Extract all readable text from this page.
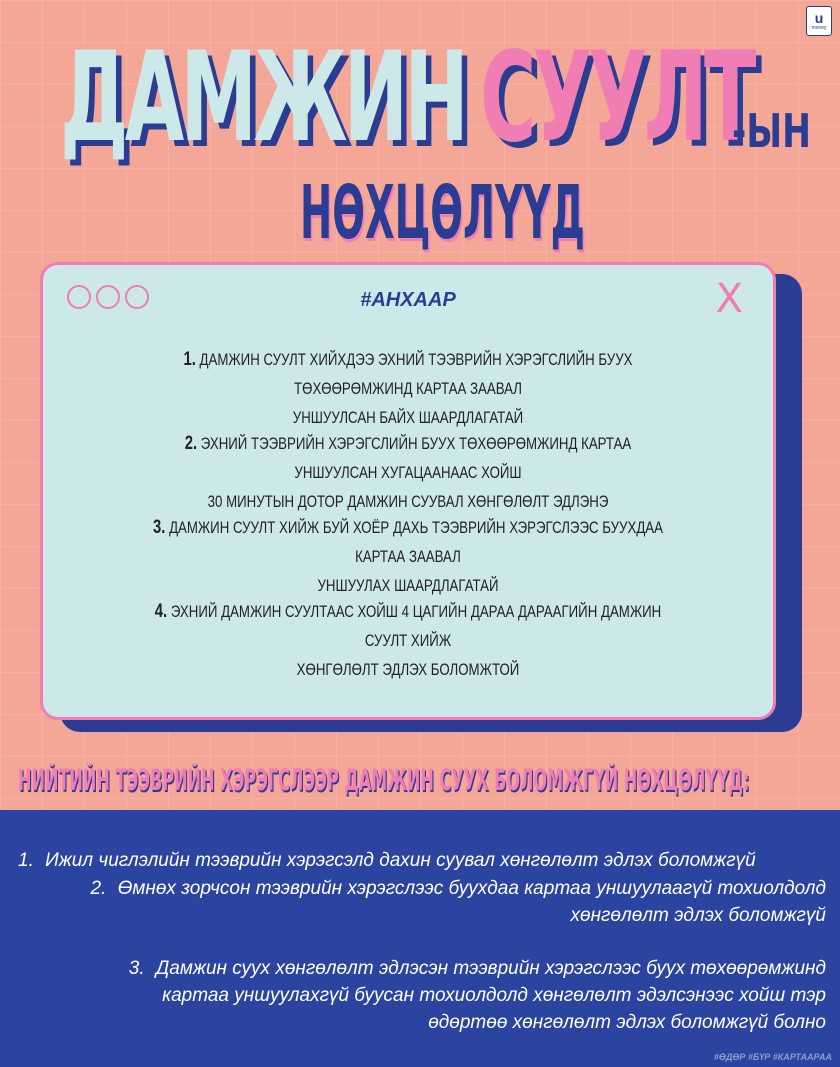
u
money
ДАМЖИН СУУЛТ
-ЫН
НӨХЦӨЛҮҮД
#АНХААР	X
1. ДАМЖИН СУУЛТ ХИЙХДЭЭ ЭХНИЙ ТЭЭВРИЙН ХЭРЭГСЛИЙН БУУХ ТӨХӨӨРӨМЖИНД КАРТАА ЗААВАЛ
УНШУУЛСАН БАЙХ ШААРДЛАГАТАЙ
2. ЭХНИЙ ТЭЭВРИЙН ХЭРЭГСЛИЙН БУУХ ТӨХӨӨРӨМЖИНД КАРТАА УНШУУЛСАН ХУГАЦААНААС ХОЙШ
30 МИНУТЫН ДОТОР ДАМЖИН СУУВАЛ ХӨНГӨЛӨЛТ ЭДЛЭНЭ
3. ДАМЖИН СУУЛТ ХИЙЖ БУЙ ХОЁР ДАХЬ ТЭЭВРИЙН ХЭРЭГСЛЭЭС БУУХДАА КАРТАА ЗААВАЛ
УНШУУЛАХ ШААРДЛАГАТАЙ
4. ЭХНИЙ ДАМЖИН СУУЛТААС ХОЙШ 4 ЦАГИЙН ДАРАА ДАРААГИЙН ДАМЖИН СУУЛТ ХИЙЖ
ХӨНГӨЛӨЛТ ЭДЛЭХ БОЛОМЖТОЙ
НИЙТИЙН ТЭЭВРИЙН ХЭРЭГСЛЭЭР ДАМЖИН СУУХ БОЛОМЖГҮЙ НӨХЦӨЛҮҮД:
1. Ижил чиглэлийн тээврийн хэрэгсэлд дахин суувал хөнгөлөлт эдлэх боломжгүй
2. Өмнөх зорчсон тээврийн хэрэгслээс буухдаа картаа уншуулаагүй тохиолдолд
хөнгөлөлт эдлэх боломжгүй
3. Дамжин суух хөнгөлөлт эдлэсэн тээврийн хэрэгслээс буух төхөөрөмжинд
картаа уншуулахгүй буусан тохиолдолд хөнгөлөлт эдэлсэнээс хойш тэр
өдөртөө хөнгөлөлт эдлэх боломжгүй болно
#ӨДӨР #БҮР #КАРТААРАА
